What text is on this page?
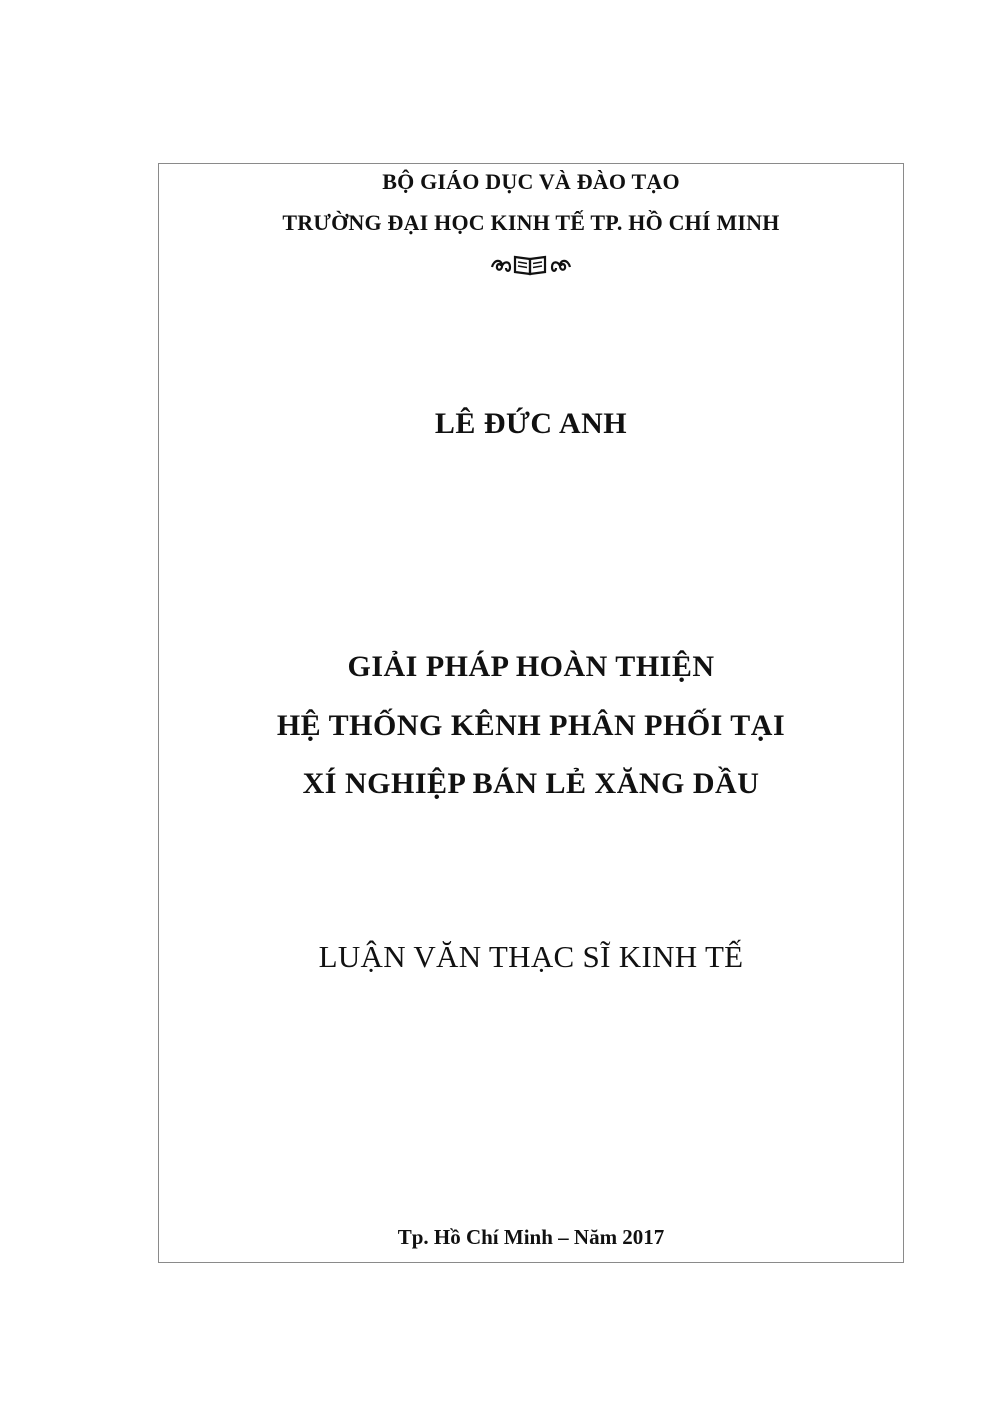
BỘ GIÁO DỤC VÀ ĐÀO TẠO
TRƯỜNG ĐẠI HỌC KINH TẾ TP. HỒ CHÍ MINH
LÊ ĐỨC ANH
GIẢI PHÁP HOÀN THIỆN
HỆ THỐNG KÊNH PHÂN PHỐI TẠI
XÍ NGHIỆP BÁN LẺ XĂNG DẦU
LUẬN VĂN THẠC SĨ KINH TẾ
Tp. Hồ Chí Minh – Năm 2017
